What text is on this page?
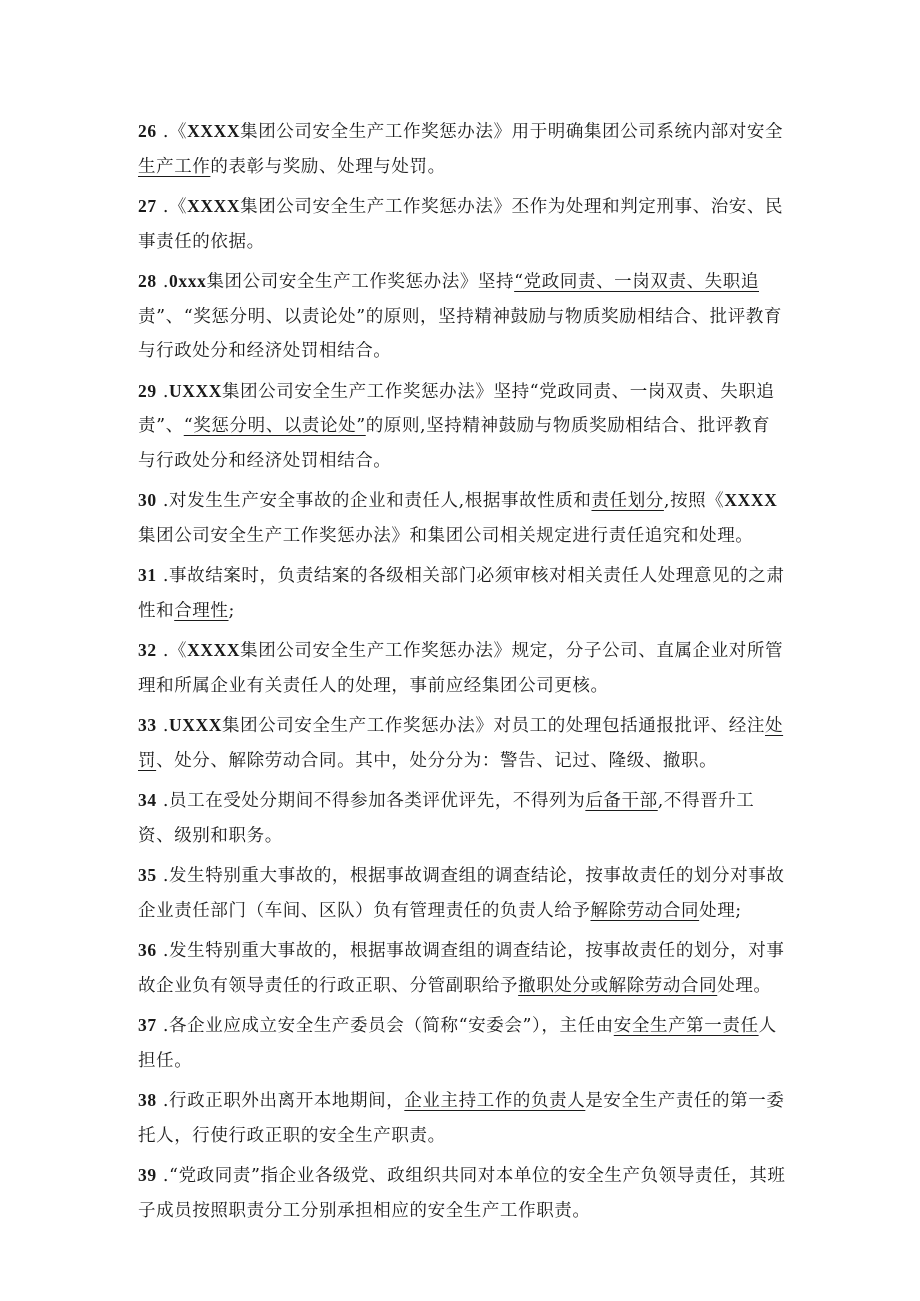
26 .《XXXX集团公司安全生产工作奖惩办法》用于明确集团公司系统内部对安全生产工作的表彰与奖励、处理与处罚。
27 .《XXXX集团公司安全生产工作奖惩办法》丕作为处理和判定刑事、治安、民事责任的依据。
28 .0xxx集团公司安全生产工作奖惩办法》坚持“党政同责、一岗双责、失职追责”、“奖惩分明、以责论处”的原则，坚持精神鼓励与物质奖励相结合、批评教育与行政处分和经济处罚相结合。
29 .UXXX集团公司安全生产工作奖惩办法》坚持“党政同责、一岗双责、失职追责”、“奖惩分明、以责论处”的原则,坚持精神鼓励与物质奖励相结合、批评教育与行政处分和经济处罚相结合。
30 .对发生生产安全事故的企业和责任人,根据事故性质和责任划分,按照《XXXX集团公司安全生产工作奖惩办法》和集团公司相关规定进行责任追究和处理。
31 .事故结案时，负责结案的各级相关部门必须审核对相关责任人处理意见的之肃性和合理性;
32 .《XXXX集团公司安全生产工作奖惩办法》规定，分子公司、直属企业对所管理和所属企业有关责任人的处理，事前应经集团公司更核。
33 .UXXX集团公司安全生产工作奖惩办法》对员工的处理包括通报批评、经注处罚、处分、解除劳动合同。其中，处分分为：警告、记过、隆级、撤职。
34 .员工在受处分期间不得参加各类评优评先，不得列为后备干部,不得晋升工资、级别和职务。
35 .发生特别重大事故的，根据事故调查组的调查结论，按事故责任的划分对事故企业责任部门（车间、区队）负有管理责任的负责人给予解除劳动合同处理;
36 .发生特别重大事故的，根据事故调查组的调查结论，按事故责任的划分，对事故企业负有领导责任的行政正职、分管副职给予撤职处分或解除劳动合同处理。
37 .各企业应成立安全生产委员会（简称“安委会”），主任由安全生产第一责任人担任。
38 .行政正职外出离开本地期间，企业主持工作的负责人是安全生产责任的第一委托人，行使行政正职的安全生产职责。
39 .“党政同责”指企业各级党、政组织共同对本单位的安全生产负领导责任，其班子成员按照职责分工分别承担相应的安全生产工作职责。
